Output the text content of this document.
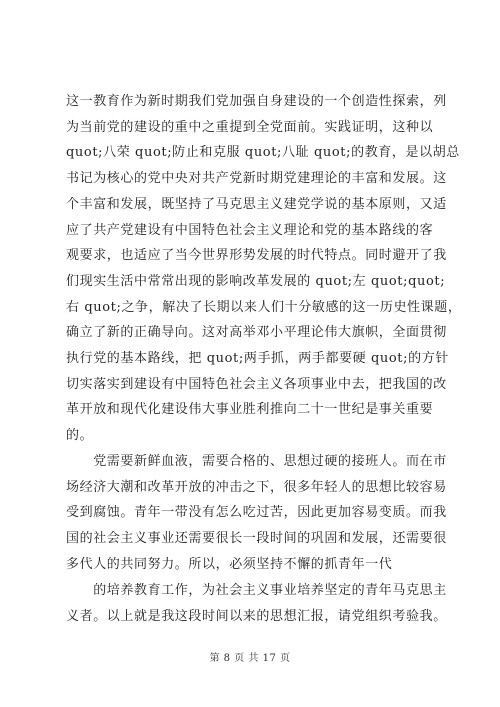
这一教育作为新时期我们党加强自身建设的一个创造性探索，列
为当前党的建设的重中之重提到全党面前。实践证明，这种以
quot;八荣 quot;防止和克服 quot;八耻 quot;的教育，是以胡总
书记为核心的党中央对共产党新时期党建理论的丰富和发展。这
个丰富和发展，既坚持了马克思主义建党学说的基本原则，又适
应了共产党建设有中国特色社会主义理论和党的基本路线的客
观要求，也适应了当今世界形势发展的时代特点。同时避开了我
们现实生活中常常出现的影响改革发展的 quot;左 quot;quot;
右 quot;之争，解决了长期以来人们十分敏感的这一历史性课题，
确立了新的正确导向。这对高举邓小平理论伟大旗帜，全面贯彻
执行党的基本路线，把 quot;两手抓，两手都要硬 quot;的方针
切实落实到建设有中国特色社会主义各项事业中去，把我国的改
革开放和现代化建设伟大事业胜利推向二十一世纪是事关重要
的。
　　党需要新鲜血液，需要合格的、思想过硬的接班人。而在市
场经济大潮和改革开放的冲击之下，很多年轻人的思想比较容易
受到腐蚀。青年一带没有怎么吃过苦，因此更加容易变质。而我
国的社会主义事业还需要很长一段时间的巩固和发展，还需要很
多代人的共同努力。所以，必须坚持不懈的抓青年一代
　　的培养教育工作，为社会主义事业培养坚定的青年马克思主
义者。以上就是我这段时间以来的思想汇报，请党组织考验我。
第 8 页 共 17 页
